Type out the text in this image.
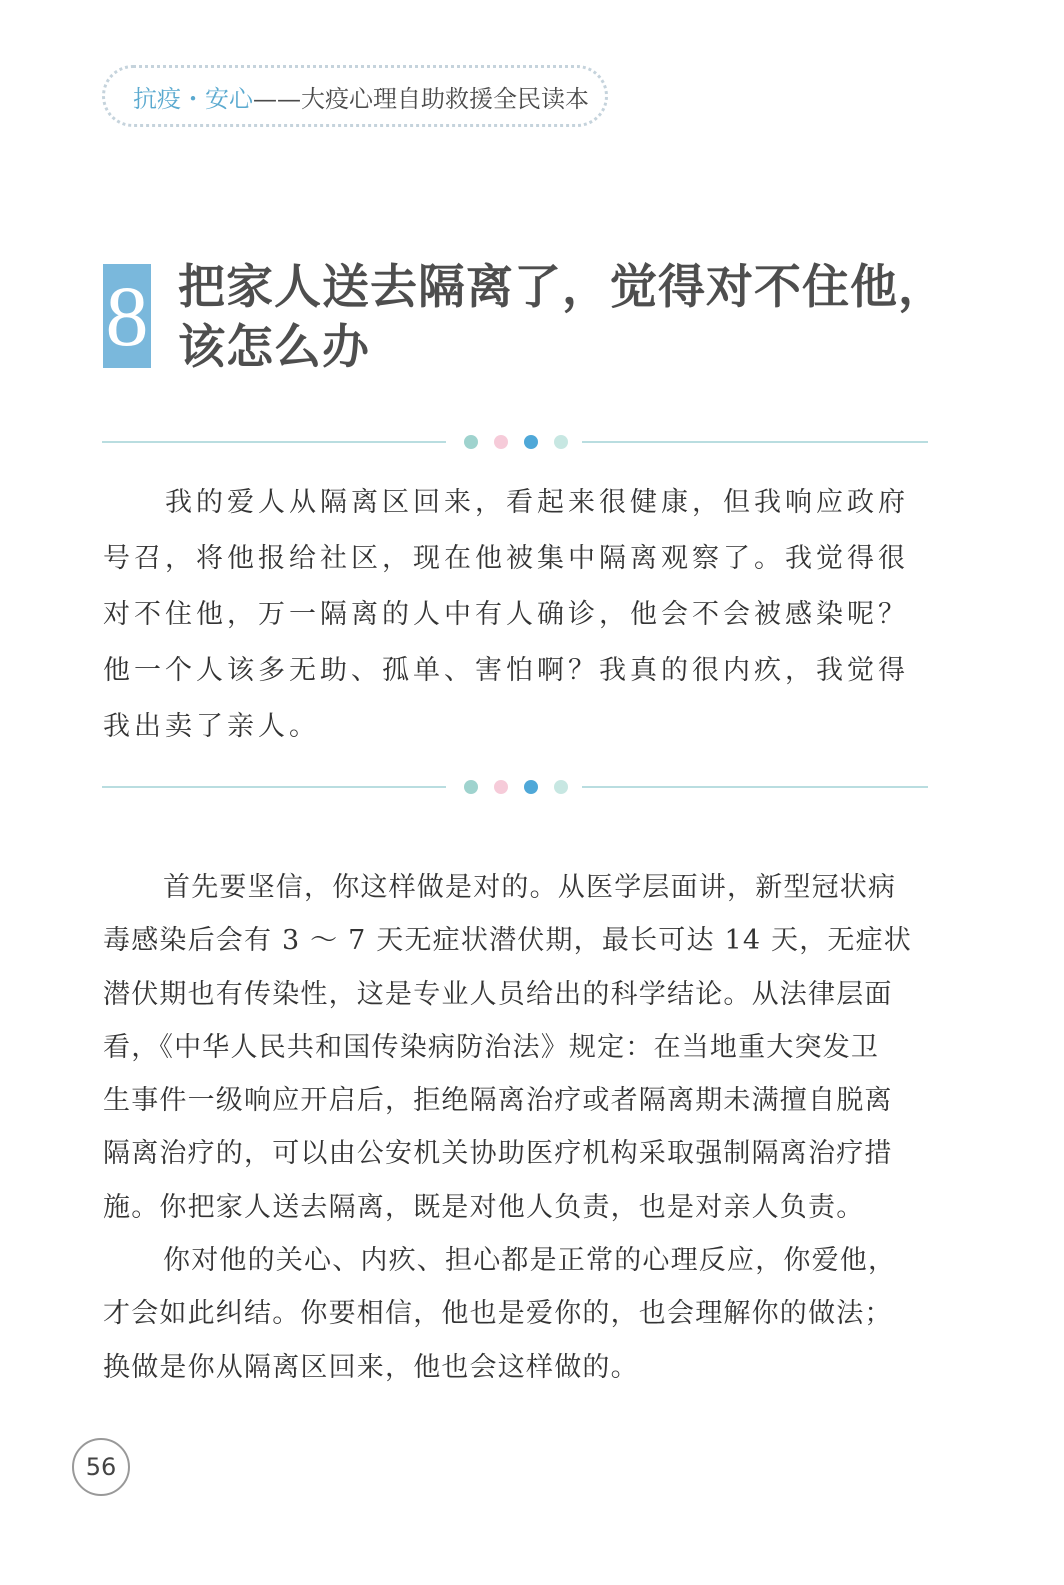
抗疫・安心 ——大疫心理自助救援全民读本
8 把家人送去隔离了，觉得对不住他，
该怎么办

我的爱人从隔离区回来，看起来很健康，但我响应政府
号召，将他报给社区，现在他被集中隔离观察了。我觉得很
对不住他，万一隔离的人中有人确诊，他会不会被感染呢？
他一个人该多无助、孤单、害怕啊？我真的很内疚，我觉得
我出卖了亲人。

首先要坚信，你这样做是对的。从医学层面讲，新型冠状病
毒感染后会有 3 ～ 7 天无症状潜伏期，最长可达 14 天，无症状
潜伏期也有传染性，这是专业人员给出的科学结论。从法律层面
看，《中华人民共和国传染病防治法》规定：在当地重大突发卫
生事件一级响应开启后，拒绝隔离治疗或者隔离期未满擅自脱离
隔离治疗的，可以由公安机关协助医疗机构采取强制隔离治疗措
施。你把家人送去隔离，既是对他人负责，也是对亲人负责。
你对他的关心、内疚、担心都是正常的心理反应，你爱他，
才会如此纠结。你要相信，他也是爱你的，也会理解你的做法；
换做是你从隔离区回来，他也会这样做的。
56
